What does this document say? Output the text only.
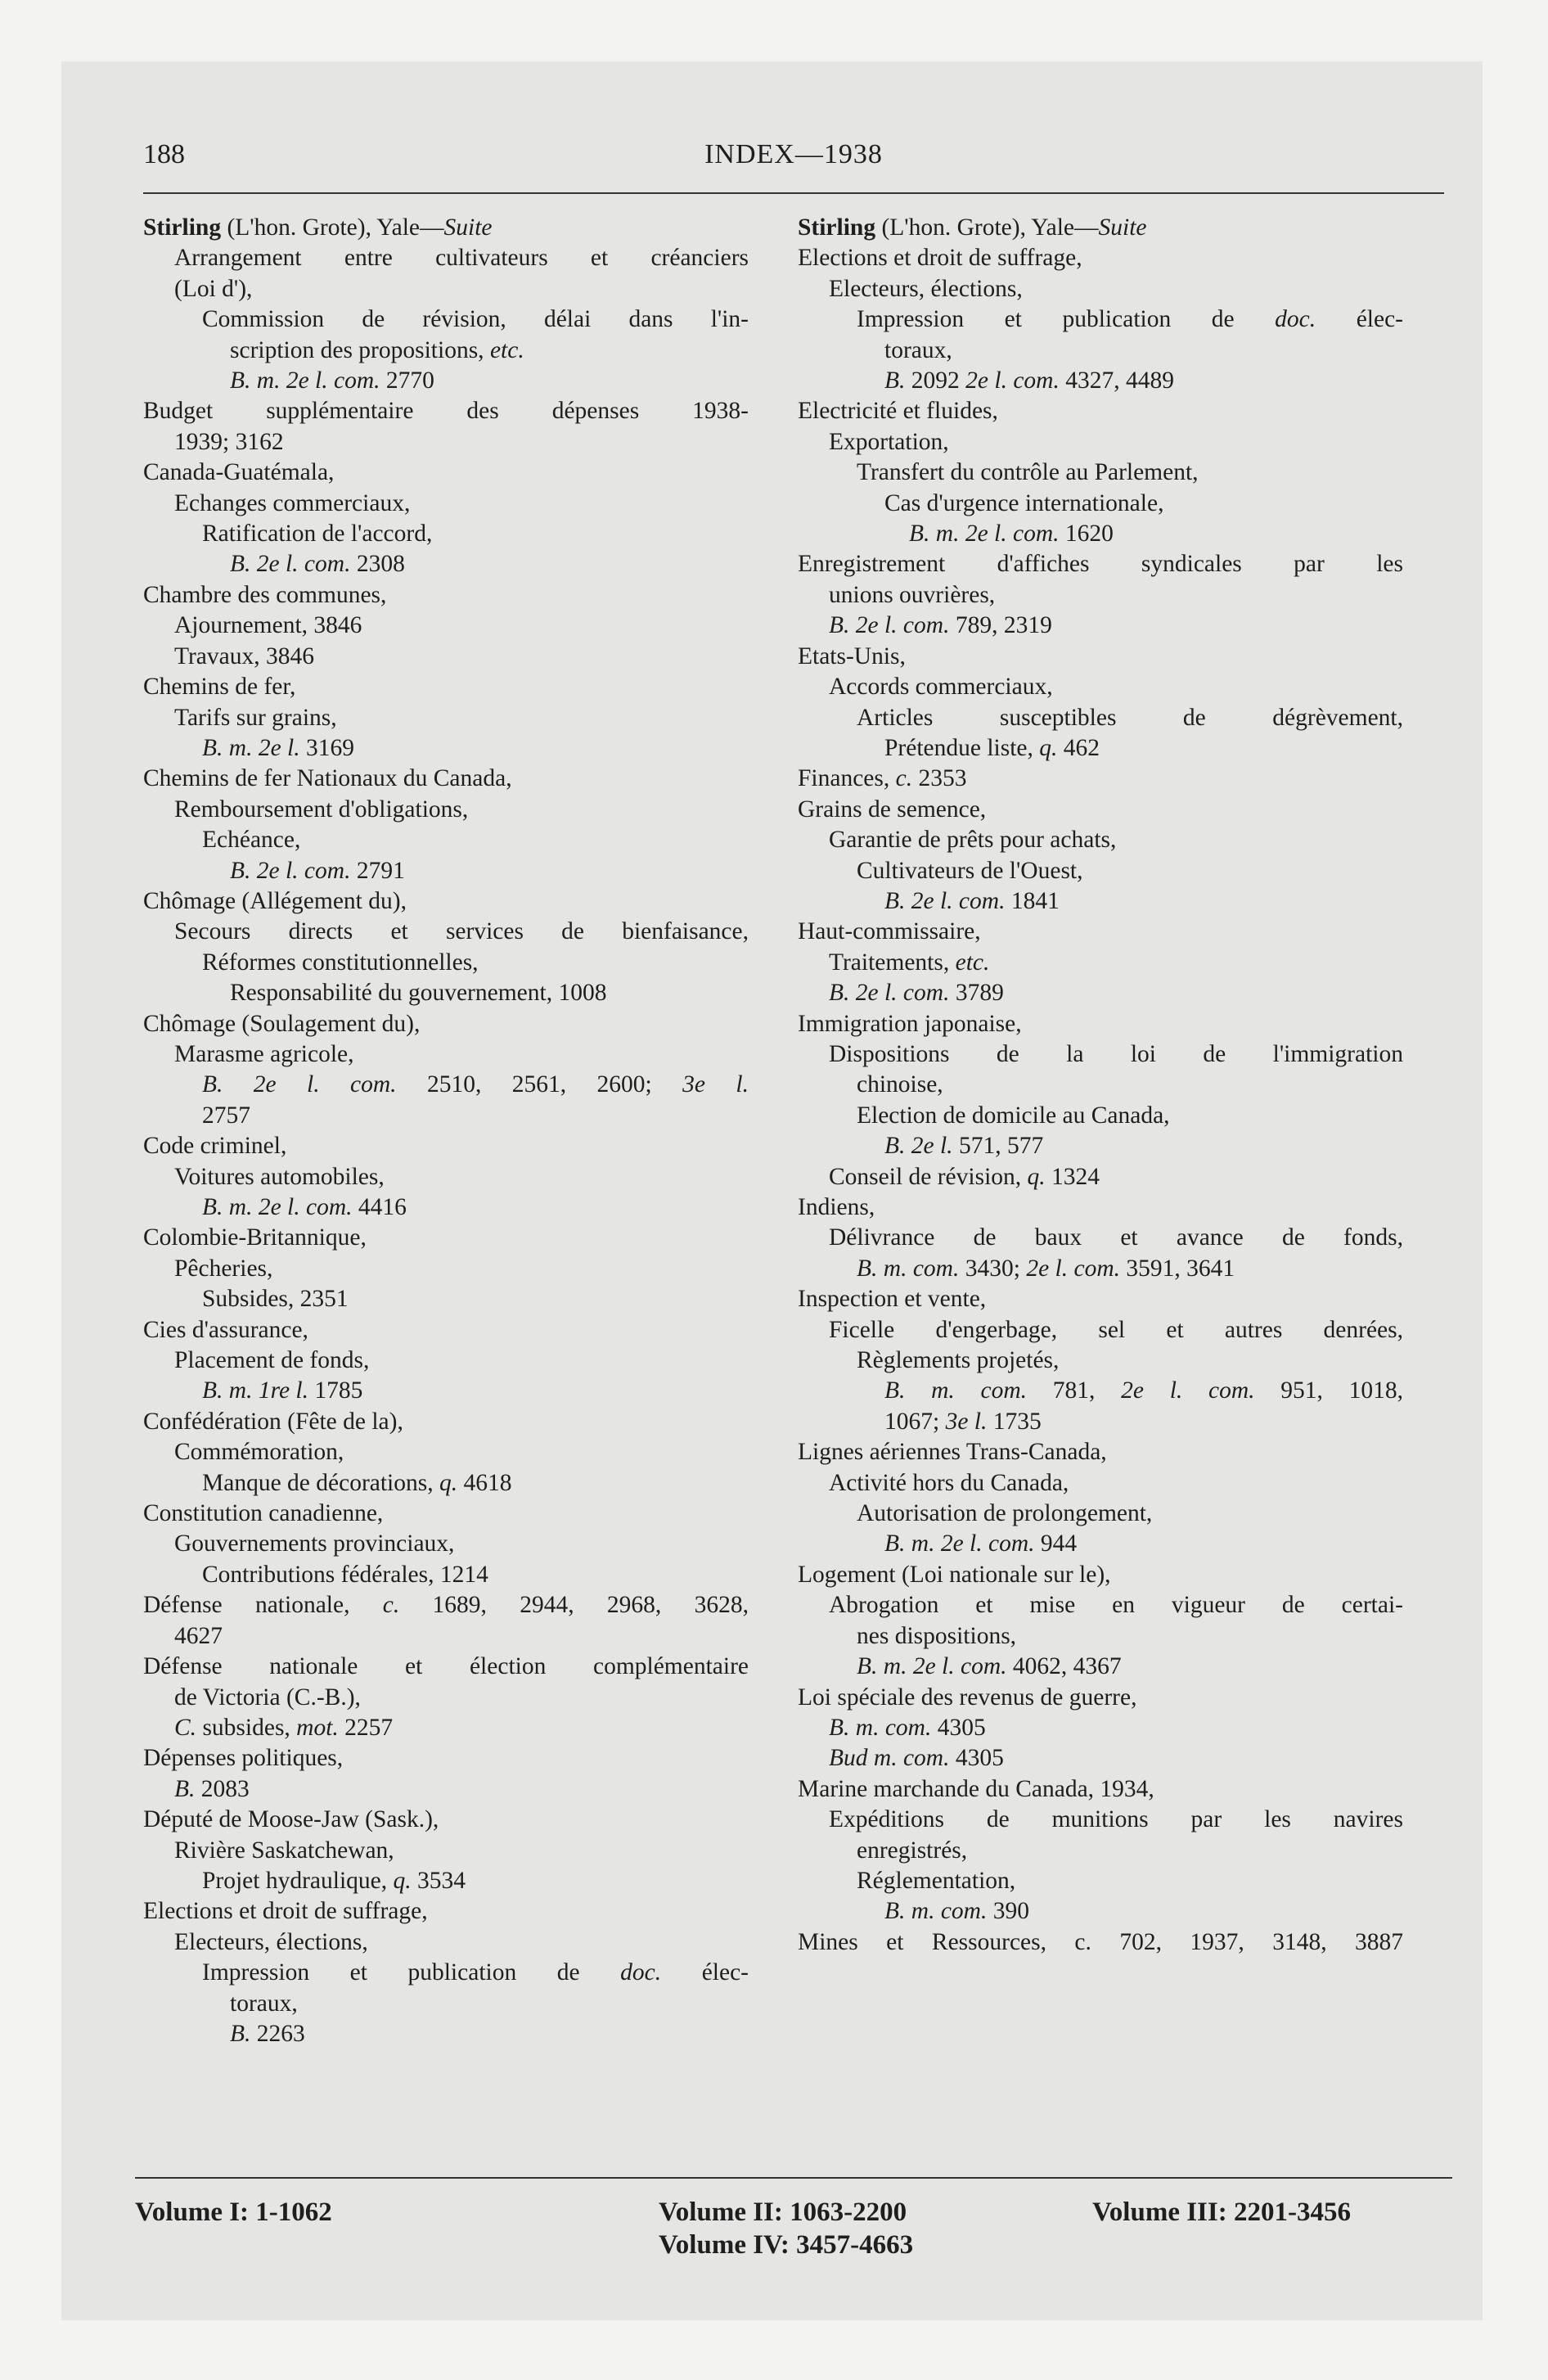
188	INDEX—1938
Stirling (L'hon. Grote), Yale—Suite
Arrangement entre cultivateurs et créanciers
(Loi d'),
Commission de révision, délai dans l'in-
scription des propositions, etc.
B. m. 2e l. com. 2770
Budget supplémentaire des dépenses 1938-
1939; 3162
Canada-Guatémala,
Echanges commerciaux,
Ratification de l'accord,
B. 2e l. com. 2308
Chambre des communes,
Ajournement, 3846
Travaux, 3846
Chemins de fer,
Tarifs sur grains,
B. m. 2e l. 3169
Chemins de fer Nationaux du Canada,
Remboursement d'obligations,
Echéance,
B. 2e l. com. 2791
Chômage (Allégement du),
Secours directs et services de bienfaisance,
Réformes constitutionnelles,
Responsabilité du gouvernement, 1008
Chômage (Soulagement du),
Marasme agricole,
B. 2e l. com. 2510, 2561, 2600; 3e l.
2757
Code criminel,
Voitures automobiles,
B. m. 2e l. com. 4416
Colombie-Britannique,
Pêcheries,
Subsides, 2351
Cies d'assurance,
Placement de fonds,
B. m. 1re l. 1785
Confédération (Fête de la),
Commémoration,
Manque de décorations, q. 4618
Constitution canadienne,
Gouvernements provinciaux,
Contributions fédérales, 1214
Défense nationale, c. 1689, 2944, 2968, 3628,
4627
Défense nationale et élection complémentaire
de Victoria (C.-B.),
C. subsides, mot. 2257
Dépenses politiques,
B. 2083
Député de Moose-Jaw (Sask.),
Rivière Saskatchewan,
Projet hydraulique, q. 3534
Elections et droit de suffrage,
Electeurs, élections,
Impression et publication de doc. élec-
toraux,
B. 2263
Stirling (L'hon. Grote), Yale—Suite
Elections et droit de suffrage,
Electeurs, élections,
Impression et publication de doc. élec-
toraux,
B. 2092 2e l. com. 4327, 4489
Electricité et fluides,
Exportation,
Transfert du contrôle au Parlement,
Cas d'urgence internationale,
B. m. 2e l. com. 1620
Enregistrement d'affiches syndicales par les
unions ouvrières,
B. 2e l. com. 789, 2319
Etats-Unis,
Accords commerciaux,
Articles susceptibles de dégrèvement,
Prétendue liste, q. 462
Finances, c. 2353
Grains de semence,
Garantie de prêts pour achats,
Cultivateurs de l'Ouest,
B. 2e l. com. 1841
Haut-commissaire,
Traitements, etc.
B. 2e l. com. 3789
Immigration japonaise,
Dispositions de la loi de l'immigration
chinoise,
Election de domicile au Canada,
B. 2e l. 571, 577
Conseil de révision, q. 1324
Indiens,
Délivrance de baux et avance de fonds,
B. m. com. 3430; 2e l. com. 3591, 3641
Inspection et vente,
Ficelle d'engerbage, sel et autres denrées,
Règlements projetés,
B. m. com. 781, 2e l. com. 951, 1018,
1067; 3e l. 1735
Lignes aériennes Trans-Canada,
Activité hors du Canada,
Autorisation de prolongement,
B. m. 2e l. com. 944
Logement (Loi nationale sur le),
Abrogation et mise en vigueur de certai-
nes dispositions,
B. m. 2e l. com. 4062, 4367
Loi spéciale des revenus de guerre,
B. m. com. 4305
Bud m. com. 4305
Marine marchande du Canada, 1934,
Expéditions de munitions par les navires
enregistrés,
Réglementation,
B. m. com. 390
Mines et Ressources, c. 702, 1937, 3148, 3887
Volume I: 1-1062	Volume II: 1063-2200
Volume IV: 3457-4663
Volume III: 2201-3456
